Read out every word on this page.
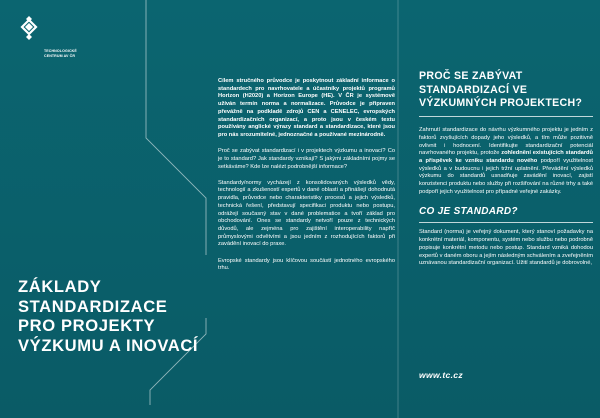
TECHNOLOGICKÉ
CENTRUM AV ČR
ZÁKLADY
STANDARDIZACE
PRO PROJEKTY
VÝZKUMU A INOVACÍ

Cílem stručného průvodce je poskytnout základní informace o standardech pro navrhovatele a účastníky projektů programů Horizon (H2020) a Horizon Europe (HE). V ČR je systémově užíván termín norma a normalizace. Průvodce je připraven převážně na podkladě zdrojů CEN a CENELEC, evropských standardizačních organizací, a proto jsou v českém textu používány anglické výrazy standard a standardizace, které jsou pro nás srozumitelné, jednoznačné a používané mezinárodně.

Proč se zabývat standardizací i v projektech výzkumu a inovací? Co je to standard? Jak standardy vznikají? S jakými základními pojmy se setkáváme? Kde lze nalézt podrobnější informace?

Standardy/normy vycházejí z konsolidovaných výsledků vědy, technologií a zkušeností expertů v dané oblasti a přinášejí dohodnutá pravidla, průvodce nebo charakteristiky procesů a jejich výsledků, technická řešení, představují specifikaci produktu nebo postupu, odrážejí současný stav v dané problematice a tvoří základ pro obchodování. Ones se standardy netvoří pouze z technických důvodů, ale zejména pro zajištění interoperability napříč průmyslovými odvětvími a jsou jedním z rozhodujících faktorů při zavádění inovací do praxe.

Evropské standardy jsou klíčovou součástí jednotného evropského trhu.

PROČ SE ZABÝVAT STANDARDIZACÍ VE VÝZKUMNÝCH PROJEKTECH?

Zahrnutí standardizace do návrhu výzkumného projektu je jedním z faktorů zvyšujících dopady jeho výsledků, a tím může pozitivně ovlivnit i hodnocení. Identifikujte standardizační potenciál navrhovaného projektu, protože zohlednění existujících standardů a přispěvek ke vzniku standardu nového podpoří využitelnost výsledků a v budoucnu i jejich tržní uplatnění. Převádění výsledků výzkumu do standardů usnadňuje zavádění inovací, zajistí konzistenci produktu nebo služby při rozšiřování na různé trhy a také podpoří jejich využitelnost pro případné veřejné zakázky.

CO JE STANDARD?

Standard (norma) je veřejný dokument, který stanoví požadavky na konkrétní materiál, komponentu, systém nebo službu nebo podrobně popisuje konkrétní metodu nebo postup. Standard vzniká dohodou expertů v daném oboru a jejím následným schválením a zveřejněním uznávanou standardizační organizací. Užití standardů je dobrovolné,

www.tc.cz
